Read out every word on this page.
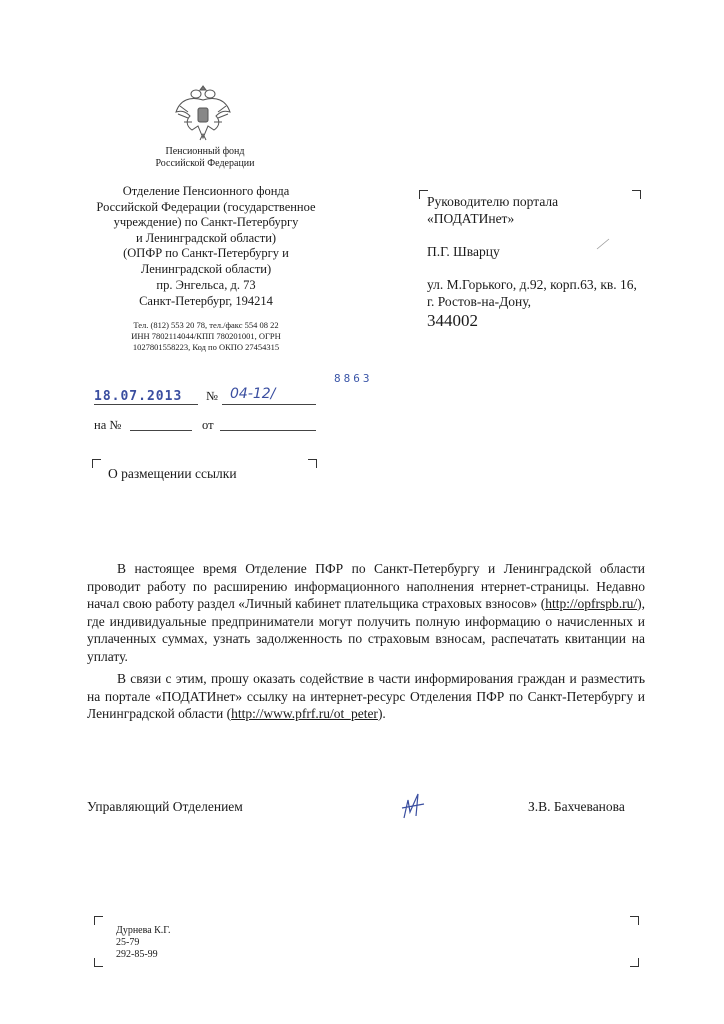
Пенсионный фонд
Российской Федерации
Отделение Пенсионного фонда
Российской Федерации (государственное
учреждение) по Санкт-Петербургу
и Ленинградской области)
(ОПФР по Санкт-Петербургу и
Ленинградской области)
пр. Энгельса, д. 73
Санкт-Петербург, 194214
Тел. (812) 553 20 78, тел./факс 554 08 22
ИНН 7802114044/КПП 780201001, ОГРН
1027801558223, Код по ОКПО 27454315
Руководителю портала
«ПОДАТИнет»
П.Г. Шварцу
ул. М.Горького, д.92, корп.63, кв. 16,
г. Ростов-на-Дону,
344002
8863
18.07.2013 № 04-12/
на №	от
О размещении ссылки

В настоящее время Отделение ПФР по Санкт-Петербургу и Ленинградской области проводит работу по расширению информационного наполнения нтернет-страницы. Недавно начал свою работу раздел «Личный кабинет плательщика страховых взносов» (http://opfrspb.ru/), где индивидуальные предприниматели могут получить полную информацию о начисленных и уплаченных суммах, узнать задолженность по страховым взносам, распечатать квитанции на уплату.

В связи с этим, прошу оказать содействие в части информирования граждан и разместить на портале «ПОДАТИнет» ссылку на интернет-ресурс Отделения ПФР по Санкт-Петербургу и Ленинградской области (http://www.pfrf.ru/ot_peter).

Управляющий Отделением	З.В. Бахчеванова
Дурнева К.Г.
25-79
292-85-99
